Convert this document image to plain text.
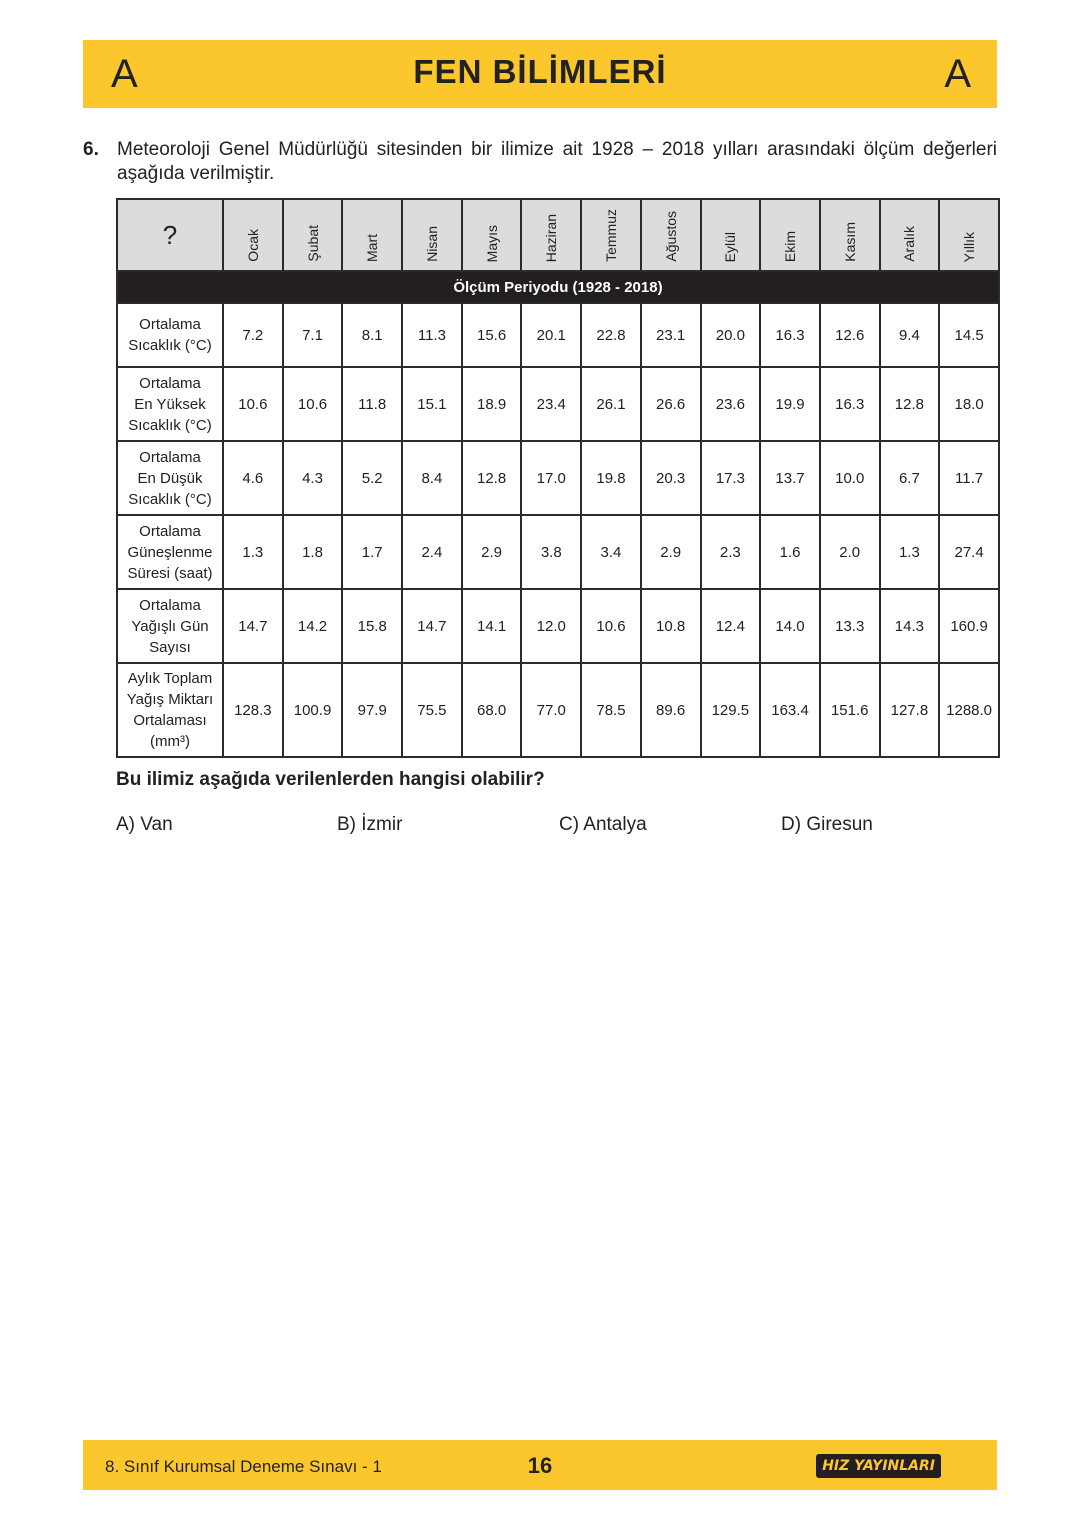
A	FEN BİLİMLERİ	A
6. Meteoroloji Genel Müdürlüğü sitesinden bir ilimize ait 1928 – 2018 yılları arasındaki ölçüm değerleri aşağıda verilmiştir.
?	Ocak	Şubat	Mart	Nisan	Mayıs	Haziran	Temmuz	Ağustos	Eylül	Ekim	Kasım	Aralık	Yıllık
Ölçüm Periyodu (1928 - 2018)													

Ortalama
Sıcaklık (°C)	7.2	7.1	8.1	11.3	15.6	20.1	22.8	23.1	20.0	16.3	12.6	9.4	14.5

Ortalama
En Yüksek
Sıcaklık (°C)	10.6	10.6	11.8	15.1	18.9	23.4	26.1	26.6	23.6	19.9	16.3	12.8	18.0

Ortalama
En Düşük
Sıcaklık (°C)	4.6	4.3	5.2	8.4	12.8	17.0	19.8	20.3	17.3	13.7	10.0	6.7	11.7

Ortalama
Güneşlenme
Süresi (saat)	1.3	1.8	1.7	2.4	2.9	3.8	3.4	2.9	2.3	1.6	2.0	1.3	27.4

Ortalama
Yağışlı Gün
Sayısı	14.7	14.2	15.8	14.7	14.1	12.0	10.6	10.8	12.4	14.0	13.3	14.3	160.9

Aylık Toplam
Yağış Miktarı
Ortalaması
(mm³)	128.3	100.9	97.9	75.5	68.0	77.0	78.5	89.6	129.5	163.4	151.6	127.8	1288.0
Bu ilimiz aşağıda verilenlerden hangisi olabilir?
A) Van	B) İzmir	C) Antalya	D) Giresun
8. Sınıf Kurumsal Deneme Sınavı - 1	16	HIZ YAYINLARI
